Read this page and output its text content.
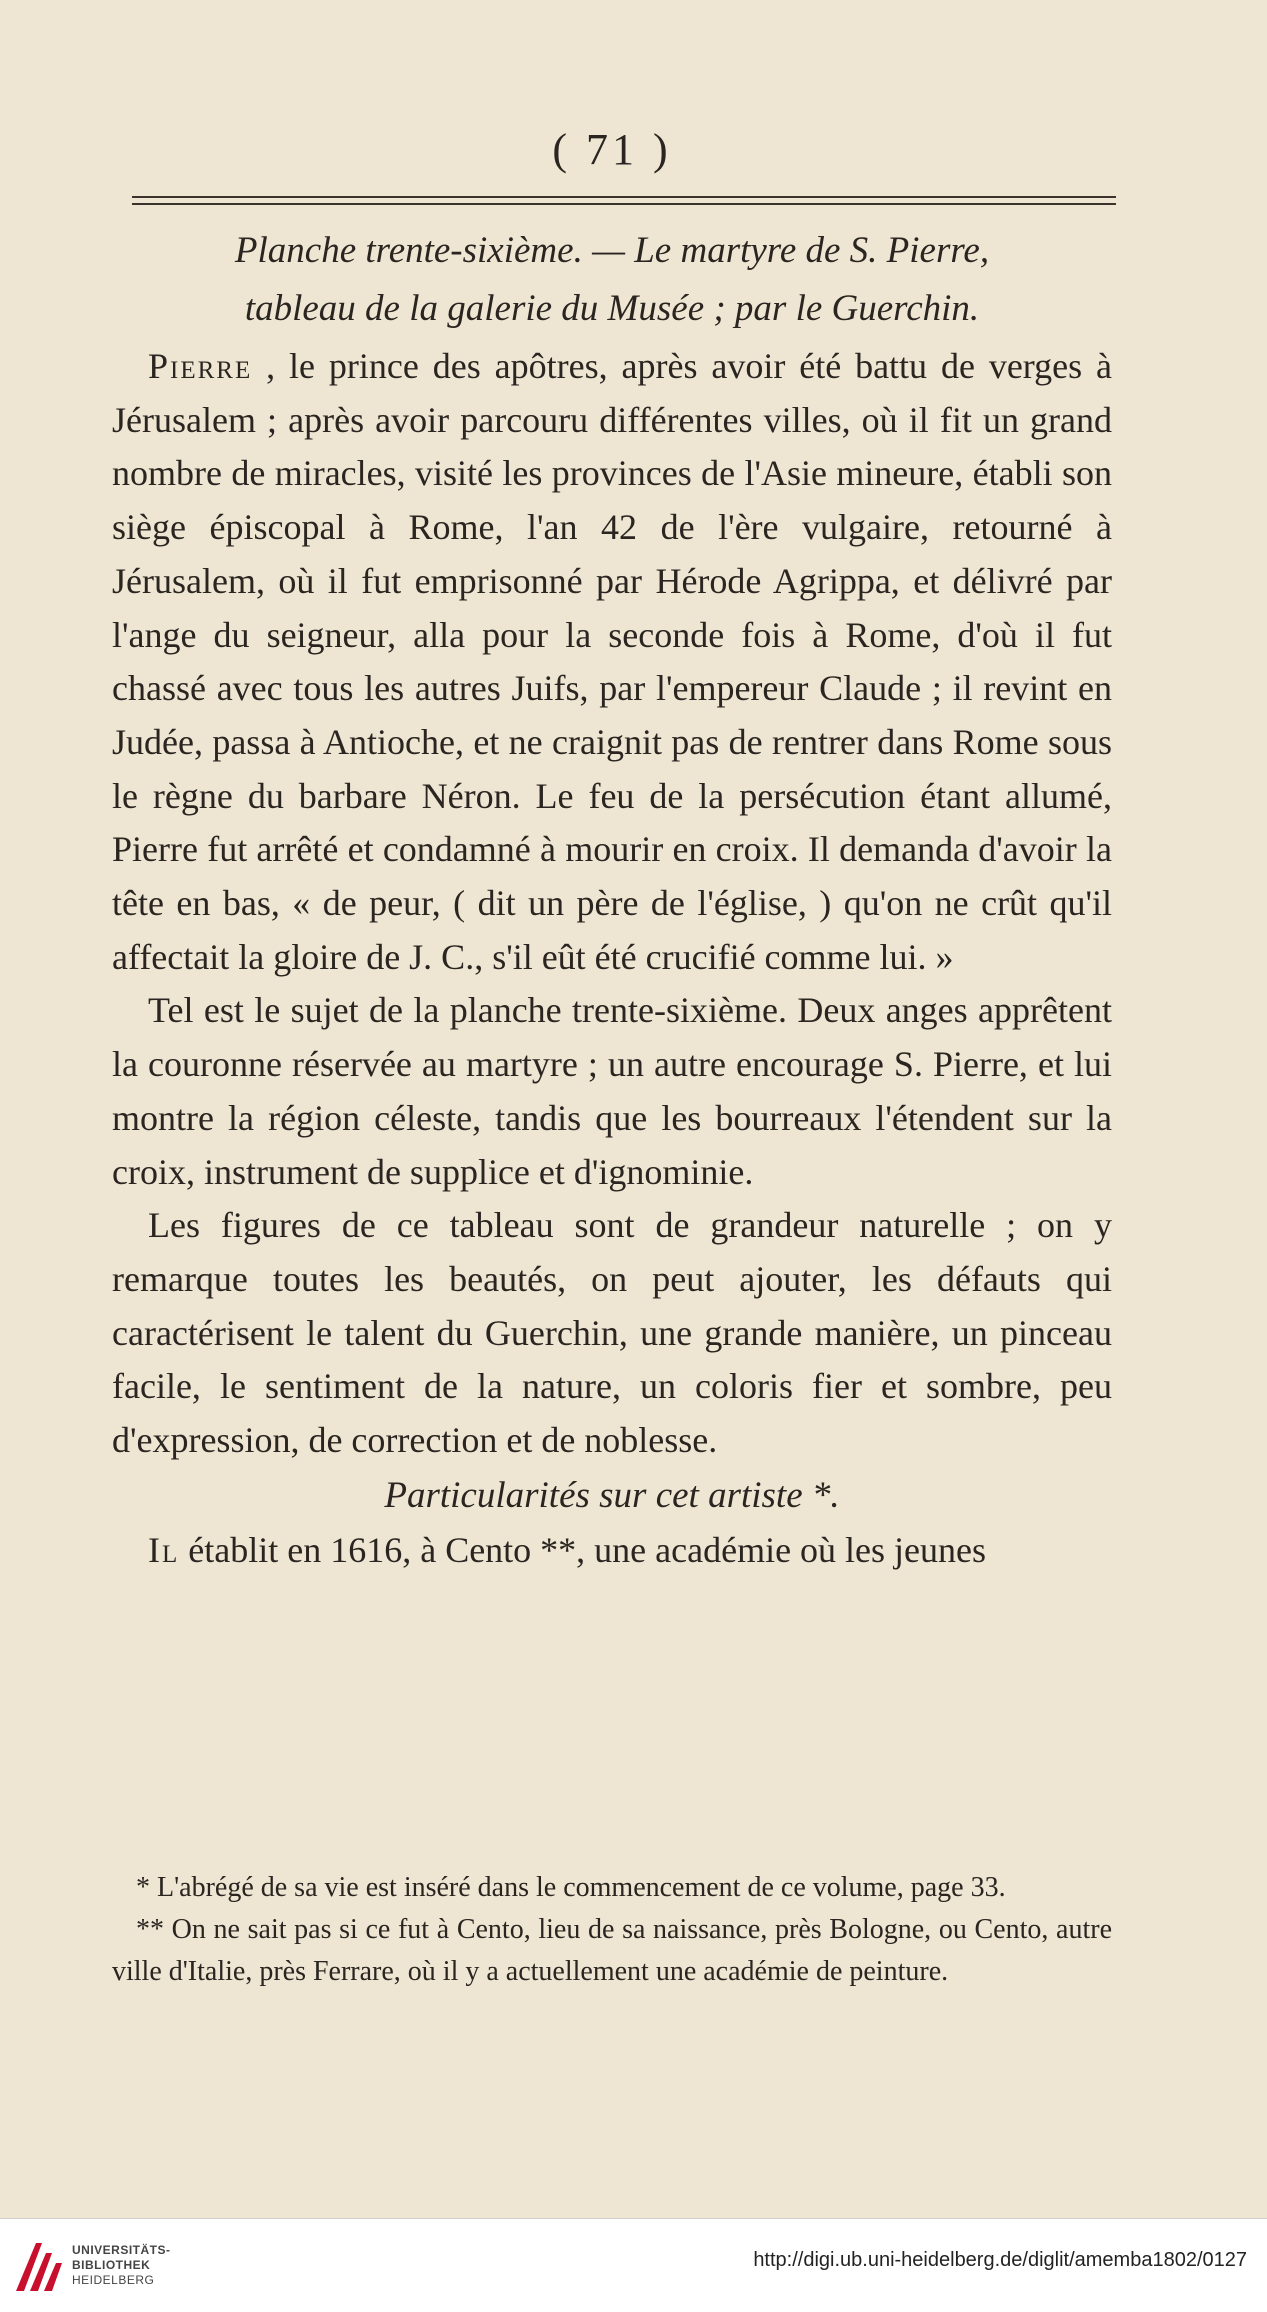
( 71 )
Planche trente-sixième. — Le martyre de S. Pierre,
tableau de la galerie du Musée ; par le Guerchin.

Pierre , le prince des apôtres, après avoir été battu de verges à Jérusalem ; après avoir parcouru différentes villes, où il fit un grand nombre de miracles, visité les provinces de l'Asie mineure, établi son siège épiscopal à Rome, l'an 42 de l'ère vulgaire, retourné à Jérusalem, où il fut emprisonné par Hérode Agrippa, et délivré par l'ange du seigneur, alla pour la seconde fois à Rome, d'où il fut chassé avec tous les autres Juifs, par l'empereur Claude ; il revint en Judée, passa à Antioche, et ne craignit pas de rentrer dans Rome sous le règne du barbare Néron. Le feu de la persécution étant allumé, Pierre fut arrêté et condamné à mourir en croix. Il demanda d'avoir la tête en bas, « de peur, ( dit un père de l'église, ) qu'on ne crût qu'il affectait la gloire de J. C., s'il eût été crucifié comme lui. »

Tel est le sujet de la planche trente-sixième. Deux anges apprêtent la couronne réservée au martyre ; un autre encourage S. Pierre, et lui montre la région céleste, tandis que les bourreaux l'étendent sur la croix, instrument de supplice et d'ignominie.

Les figures de ce tableau sont de grandeur naturelle ; on y remarque toutes les beautés, on peut ajouter, les défauts qui caractérisent le talent du Guerchin, une grande manière, un pinceau facile, le sentiment de la nature, un coloris fier et sombre, peu d'expression, de correction et de noblesse.

Particularités sur cet artiste *.

Il établit en 1616, à Cento **, une académie où les jeunes

* L'abrégé de sa vie est inséré dans le commencement de ce volume, page 33.

** On ne sait pas si ce fut à Cento, lieu de sa naissance, près Bologne, ou Cento, autre ville d'Italie, près Ferrare, où il y a actuellement une académie de peinture.

UNIVERSITÄTS-
BIBLIOTHEK
HEIDELBERG
http://digi.ub.uni-heidelberg.de/diglit/amemba1802/0127
